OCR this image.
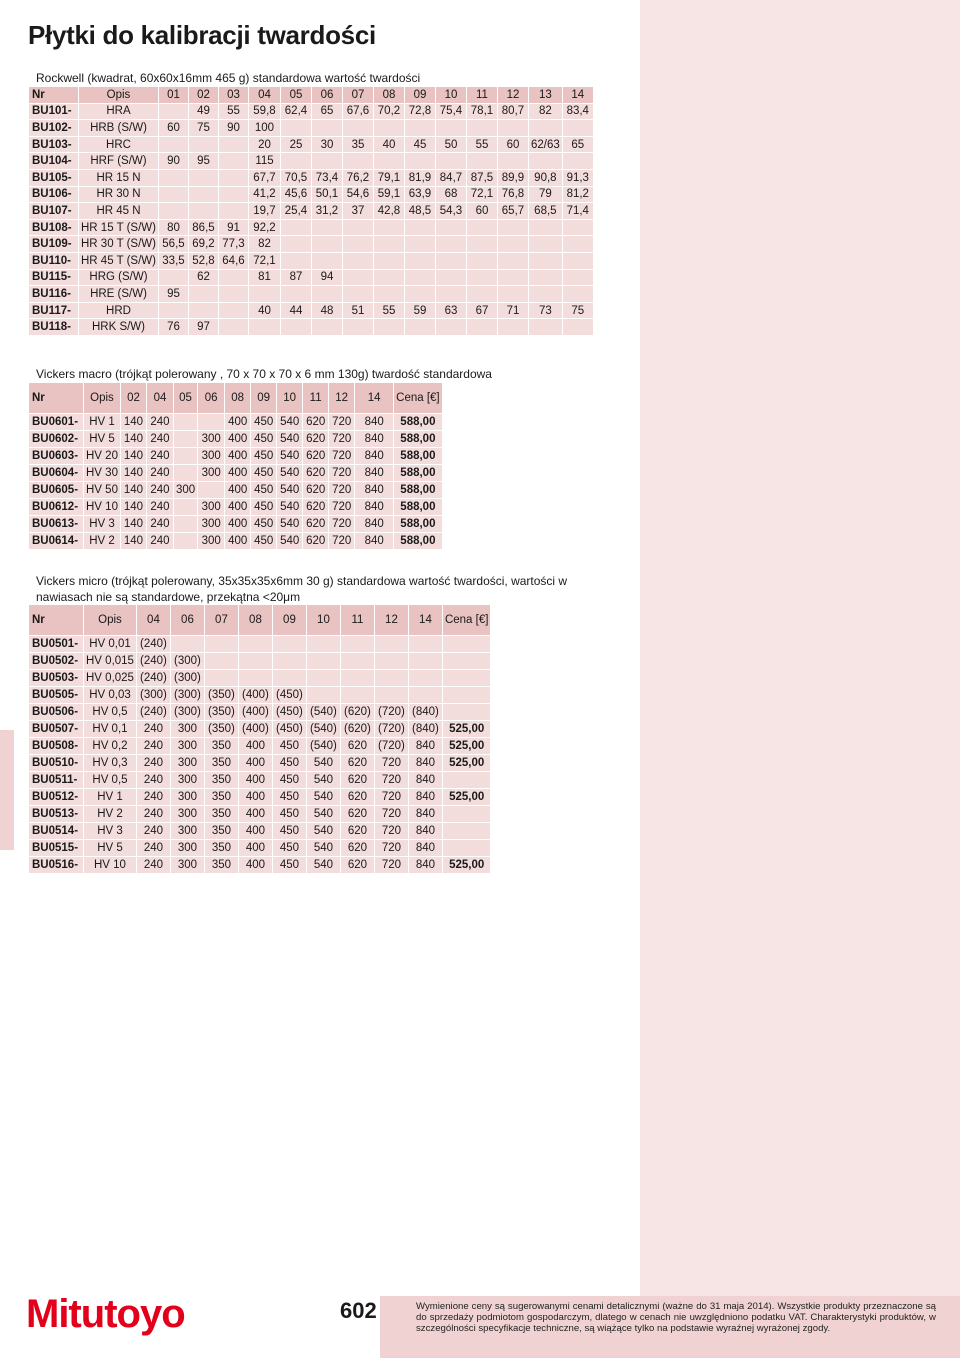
Płytki do kalibracji twardości
Rockwell (kwadrat, 60x60x16mm 465 g) standardowa wartość twardości
Nr	Opis	01	02	03	04	05	06	07	08	09	10	11	12	13	14
BU101-	HRA		49	55	59,8	62,4	65	67,6	70,2	72,8	75,4	78,1	80,7	82	83,4
BU102-	HRB (S/W)	60	75	90	100										
BU103-	HRC				20	25	30	35	40	45	50	55	60	62/63	65
BU104-	HRF (S/W)	90	95		115										
BU105-	HR 15 N				67,7	70,5	73,4	76,2	79,1	81,9	84,7	87,5	89,9	90,8	91,3
BU106-	HR 30 N				41,2	45,6	50,1	54,6	59,1	63,9	68	72,1	76,8	79	81,2
BU107-	HR 45 N				19,7	25,4	31,2	37	42,8	48,5	54,3	60	65,7	68,5	71,4
BU108-	HR 15 T (S/W)	80	86,5	91	92,2										
BU109-	HR 30 T (S/W)	56,5	69,2	77,3	82										
BU110-	HR 45 T (S/W)	33,5	52,8	64,6	72,1										
BU115-	HRG (S/W)		62		81	87	94								
BU116-	HRE (S/W)	95													
BU117-	HRD				40	44	48	51	55	59	63	67	71	73	75
BU118-	HRK S/W)	76	97												
Vickers macro (trójkąt polerowany , 70 x 70 x 70 x 6 mm 130g) twardość standardowa
Nr	Opis	02	04	05	06	08	09	10	11	12	14	Cena [€]
BU0601-	HV 1	140	240			400	450	540	620	720	840	588,00
BU0602-	HV 5	140	240		300	400	450	540	620	720	840	588,00
BU0603-	HV 20	140	240		300	400	450	540	620	720	840	588,00
BU0604-	HV 30	140	240		300	400	450	540	620	720	840	588,00
BU0605-	HV 50	140	240	300		400	450	540	620	720	840	588,00
BU0612-	HV 10	140	240		300	400	450	540	620	720	840	588,00
BU0613-	HV 3	140	240		300	400	450	540	620	720	840	588,00
BU0614-	HV 2	140	240		300	400	450	540	620	720	840	588,00
Vickers micro (trójkąt polerowany, 35x35x35x6mm 30 g) standardowa wartość twardości, wartości w nawiasach nie są standardowe, przekątna <20μm
Nr	Opis	04	06	07	08	09	10	11	12	14	Cena [€]
BU0501-	HV 0,01	(240)									
BU0502-	HV 0,015	(240)	(300)								
BU0503-	HV 0,025	(240)	(300)								
BU0505-	HV 0,03	(300)	(300)	(350)	(400)	(450)					
BU0506-	HV 0,5	(240)	(300)	(350)	(400)	(450)	(540)	(620)	(720)	(840)	
BU0507-	HV 0,1	240	300	(350)	(400)	(450)	(540)	(620)	(720)	(840)	525,00
BU0508-	HV 0,2	240	300	350	400	450	(540)	620	(720)	840	525,00
BU0510-	HV 0,3	240	300	350	400	450	540	620	720	840	525,00
BU0511-	HV 0,5	240	300	350	400	450	540	620	720	840	
BU0512-	HV 1	240	300	350	400	450	540	620	720	840	525,00
BU0513-	HV 2	240	300	350	400	450	540	620	720	840	
BU0514-	HV 3	240	300	350	400	450	540	620	720	840	
BU0515-	HV 5	240	300	350	400	450	540	620	720	840	
BU0516-	HV 10	240	300	350	400	450	540	620	720	840	525,00
Mitutoyo	602	Wymienione ceny są sugerowanymi cenami detalicznymi (ważne do 31 maja 2014). Wszystkie produkty przeznaczone są do sprzedaży podmiotom gospodarczym, dlatego w cenach nie uwzględniono podatku VAT. Charakterystyki produktów, w szczególności specyfikacje techniczne, są wiążące tylko na podstawie wyraźnej wyrażonej zgody.
